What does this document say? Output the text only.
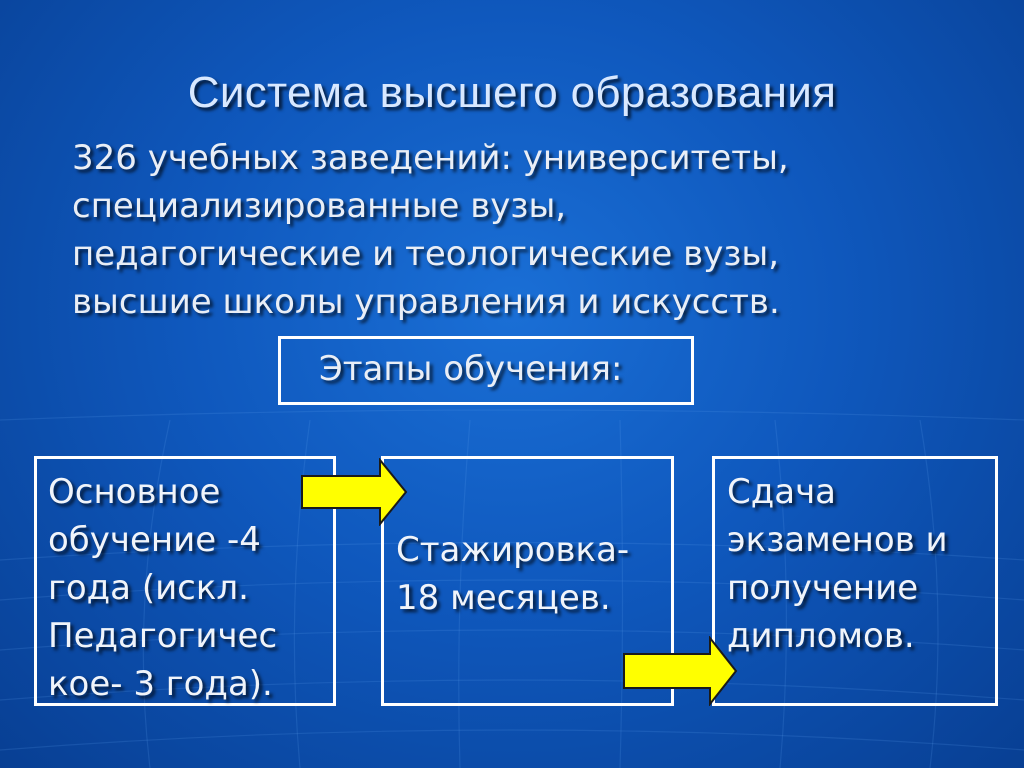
Система высшего образования
326 учебных заведений: университеты,
специализированные вузы,
педагогические и теологические вузы,
высшие школы управления и искусств.
Этапы обучения:
Основное
обучение -4
года (искл.
Педагогичес
кое- 3 года).
Стажировка-
18 месяцев.
Сдача
экзаменов и
получение
дипломов.
